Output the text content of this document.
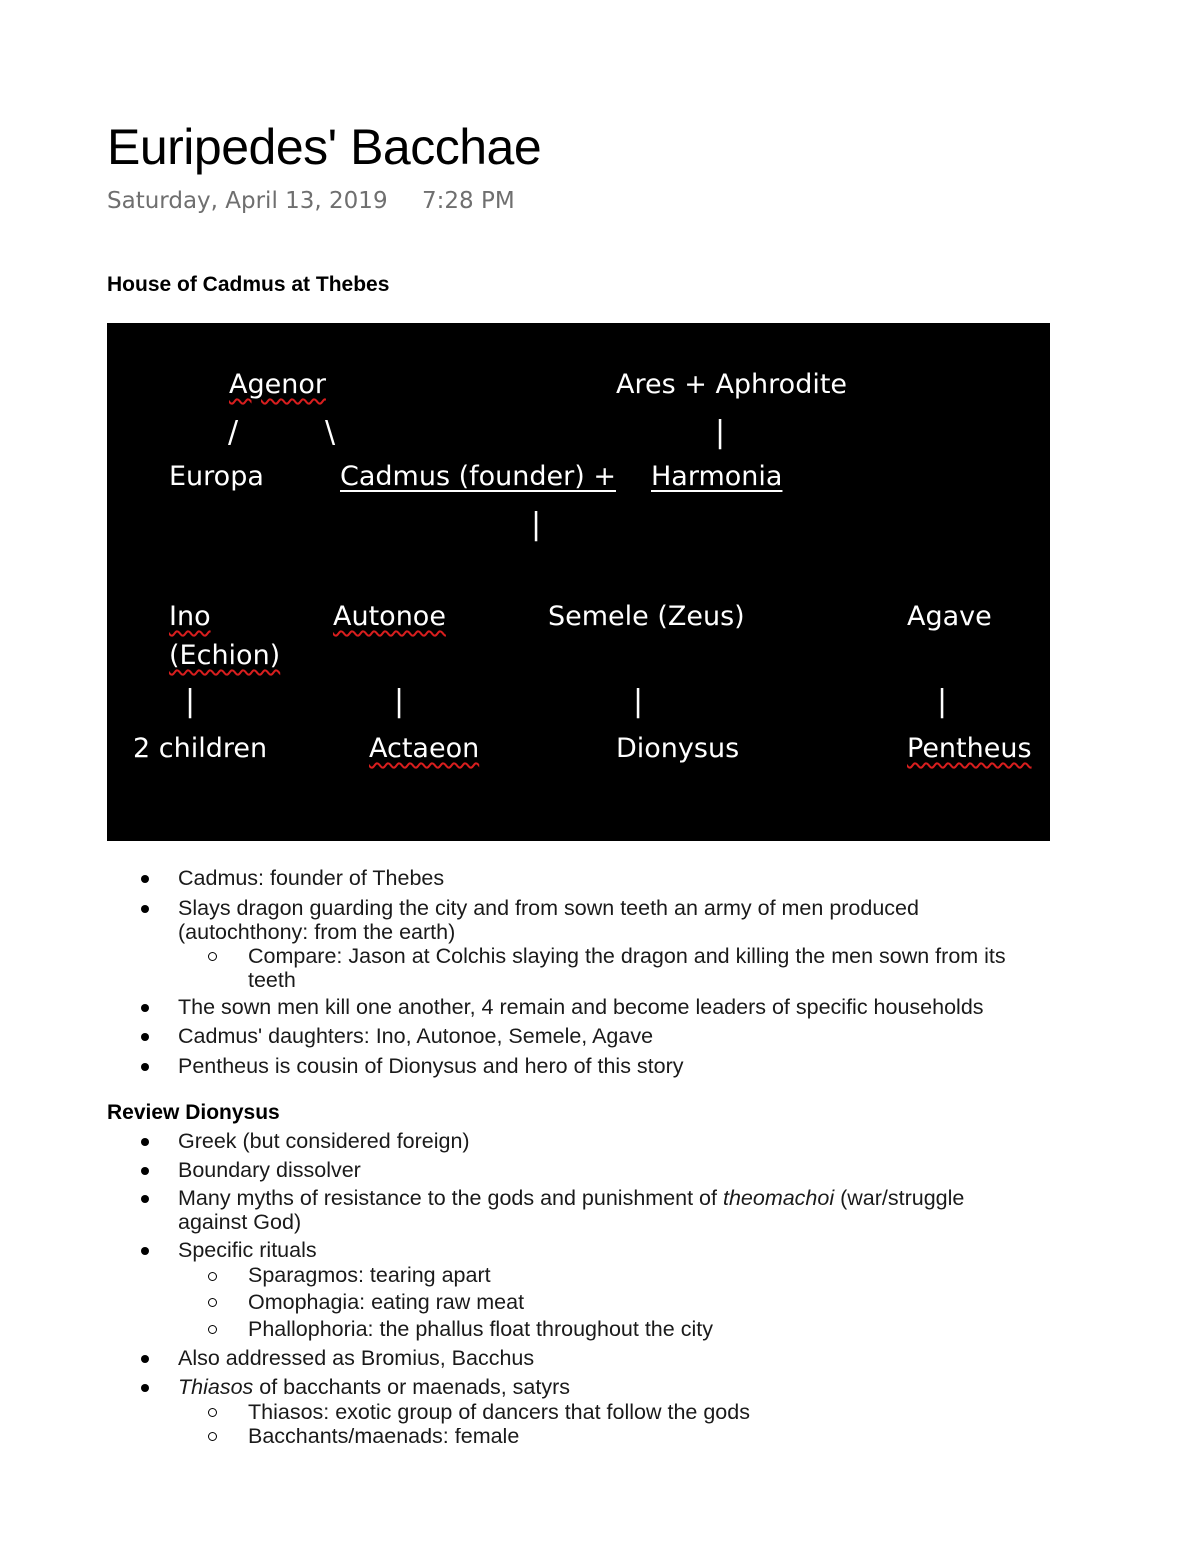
Euripedes' Bacchae
Saturday, April 13, 2019 7:28 PM
House of Cadmus at Thebes
Agenor	Ares + Aphrodite
/	\	|
Europa	Cadmus (founder) + Harmonia
|
Ino
(Echion)
Autonoe	Semele (Zeus)	Agave
|	|	|	|
2 children	Actaeon	Dionysus	Pentheus
Cadmus: founder of Thebes
Slays dragon guarding the city and from sown teeth an army of men produced
(autochthony: from the earth)
Compare: Jason at Colchis slaying the dragon and killing the men sown from its
teeth
The sown men kill one another, 4 remain and become leaders of specific households
Cadmus' daughters: Ino, Autonoe, Semele, Agave
Pentheus is cousin of Dionysus and hero of this story
Review Dionysus
Greek (but considered foreign)
Boundary dissolver
Many myths of resistance to the gods and punishment of theomachoi (war/struggle
against God)
Specific rituals
Sparagmos: tearing apart
Omophagia: eating raw meat
Phallophoria: the phallus float throughout the city
Also addressed as Bromius, Bacchus
Thiasos of bacchants or maenads, satyrs
Thiasos: exotic group of dancers that follow the gods
Bacchants/maenads: female
